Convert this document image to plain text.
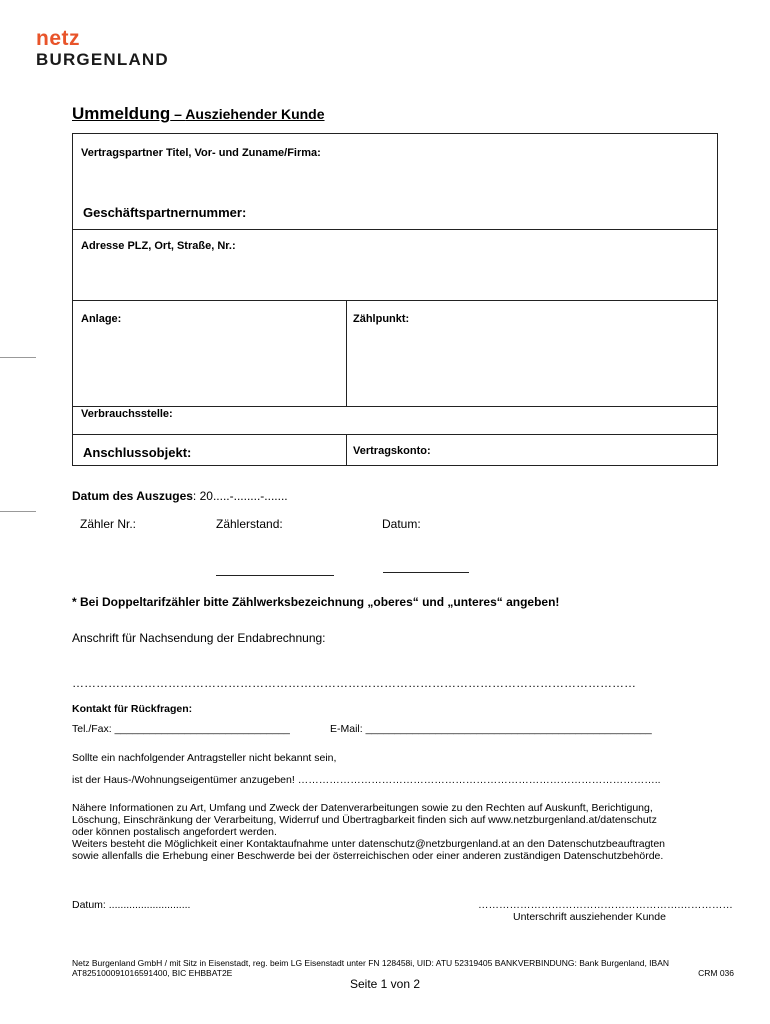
netz
BURGENLAND
Ummeldung – Ausziehender Kunde
Vertragspartner Titel, Vor- und Zuname/Firma:
Geschäftspartnernummer:
Adresse PLZ, Ort, Straße, Nr.:
Anlage:	Zählpunkt:
Verbrauchsstelle:
Anschlussobjekt:	Vertragskonto:
Datum des Auszuges: 20.....-........-.......
Zähler Nr.:	Zählerstand:	Datum:
* Bei Doppeltarifzähler bitte Zählwerksbezeichnung „oberes“ und „unteres“ angeben!
Anschrift für Nachsendung der Endabrechnung:
……………………………………………………………………………………………………………………………
Kontakt für Rückfragen:
Tel./Fax: ______________________________	E-Mail: _________________________________________________
Sollte ein nachfolgender Antragsteller nicht bekannt sein,
ist der Haus-/Wohnungseigentümer anzugeben! …………………………………………………………………………………………..
Nähere Informationen zu Art, Umfang und Zweck der Datenverarbeitungen sowie zu den Rechten auf Auskunft, Berichtigung,
Löschung, Einschränkung der Verarbeitung, Widerruf und Übertragbarkeit finden sich auf www.netzburgenland.at/datenschutz
oder können postalisch angefordert werden.
Weiters besteht die Möglichkeit einer Kontaktaufnahme unter datenschutz@netzburgenland.at an den Datenschutzbeauftragten
sowie allenfalls die Erhebung einer Beschwerde bei der österreichischen oder einer anderen zuständigen Datenschutzbehörde.
Datum: ............................	………………………………………………….……………
Unterschrift ausziehender Kunde
Netz Burgenland GmbH / mit Sitz in Eisenstadt, reg. beim LG Eisenstadt unter FN 128458i, UID: ATU 52319405 BANKVERBINDUNG: Bank Burgenland, IBAN
AT825100091016591400, BIC EHBBAT2E	CRM 036
Seite 1 von 2
